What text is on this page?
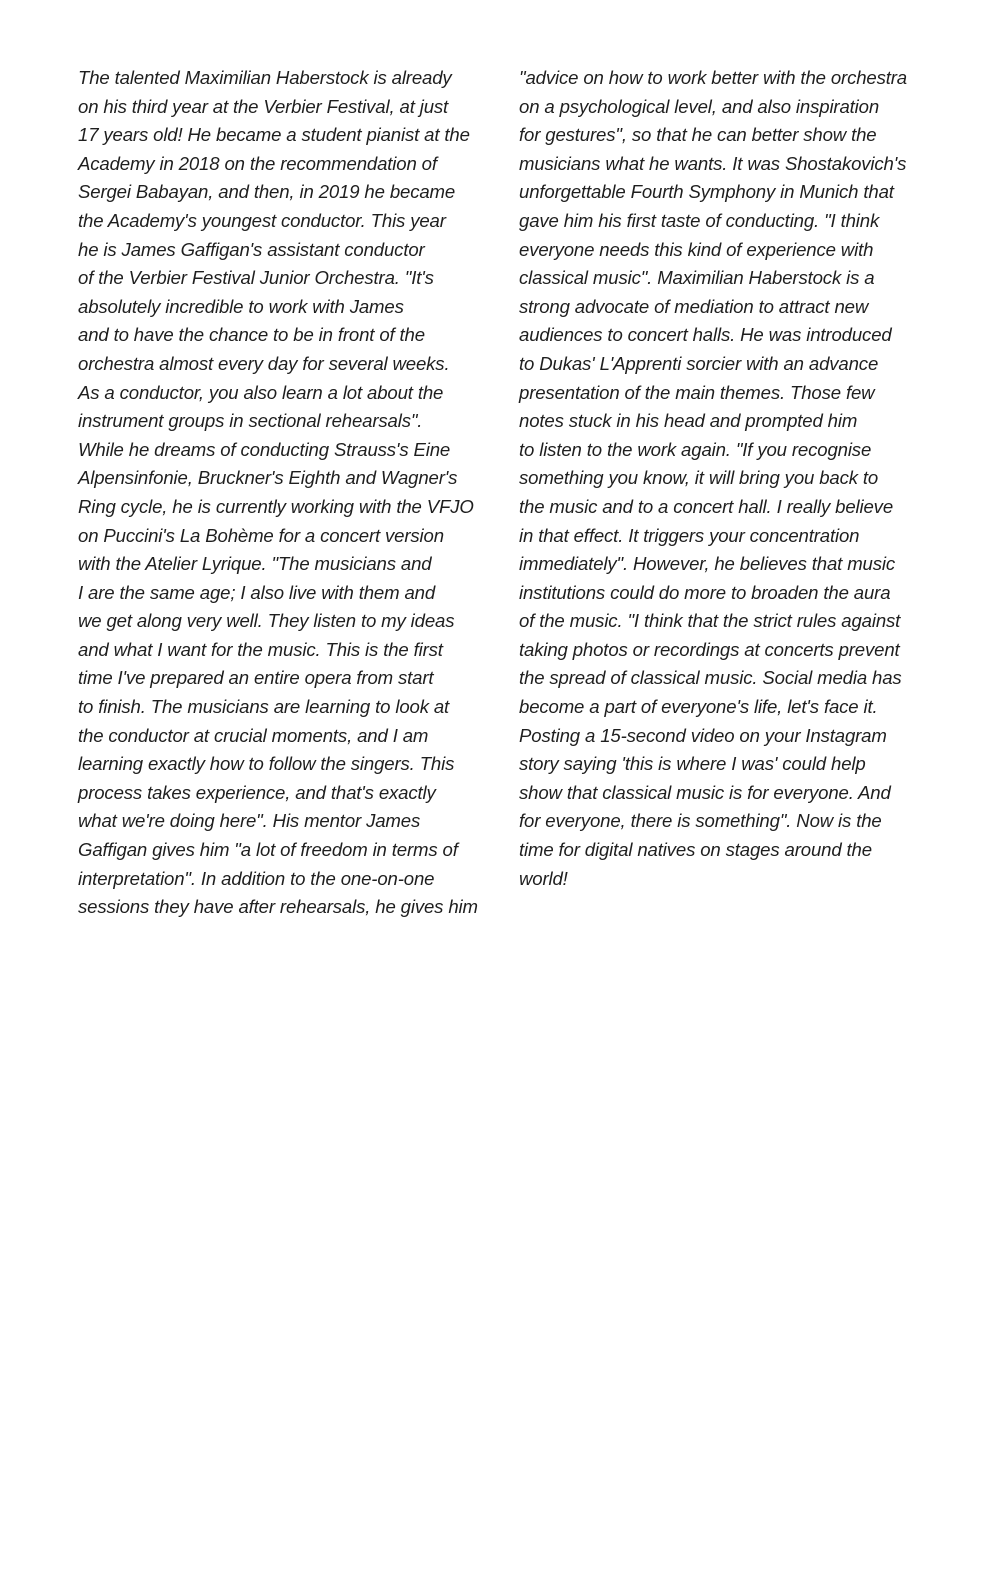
The talented Maximilian Haberstock is already
on his third year at the Verbier Festival, at just
17 years old! He became a student pianist at the
Academy in 2018 on the recommendation of
Sergei Babayan, and then, in 2019 he became
the Academy's youngest conductor. This year
he is James Gaffigan's assistant conductor
of the Verbier Festival Junior Orchestra. "It's
absolutely incredible to work with James
and to have the chance to be in front of the
orchestra almost every day for several weeks.
As a conductor, you also learn a lot about the
instrument groups in sectional rehearsals".
While he dreams of conducting Strauss's Eine
Alpensinfonie, Bruckner's Eighth and Wagner's
Ring cycle, he is currently working with the VFJO
on Puccini's La Bohème for a concert version
with the Atelier Lyrique. "The musicians and
I are the same age; I also live with them and
we get along very well. They listen to my ideas
and what I want for the music. This is the first
time I've prepared an entire opera from start
to finish. The musicians are learning to look at
the conductor at crucial moments, and I am
learning exactly how to follow the singers. This
process takes experience, and that's exactly
what we're doing here". His mentor James
Gaffigan gives him "a lot of freedom in terms of
interpretation". In addition to the one-on-one
sessions they have after rehearsals, he gives him
"advice on how to work better with the orchestra
on a psychological level, and also inspiration
for gestures", so that he can better show the
musicians what he wants. It was Shostakovich's
unforgettable Fourth Symphony in Munich that
gave him his first taste of conducting. "I think
everyone needs this kind of experience with
classical music". Maximilian Haberstock is a
strong advocate of mediation to attract new
audiences to concert halls. He was introduced
to Dukas' L'Apprenti sorcier with an advance
presentation of the main themes. Those few
notes stuck in his head and prompted him
to listen to the work again. "If you recognise
something you know, it will bring you back to
the music and to a concert hall. I really believe
in that effect. It triggers your concentration
immediately". However, he believes that music
institutions could do more to broaden the aura
of the music. "I think that the strict rules against
taking photos or recordings at concerts prevent
the spread of classical music. Social media has
become a part of everyone's life, let's face it.
Posting a 15-second video on your Instagram
story saying 'this is where I was' could help
show that classical music is for everyone. And
for everyone, there is something". Now is the
time for digital natives on stages around the
world!
